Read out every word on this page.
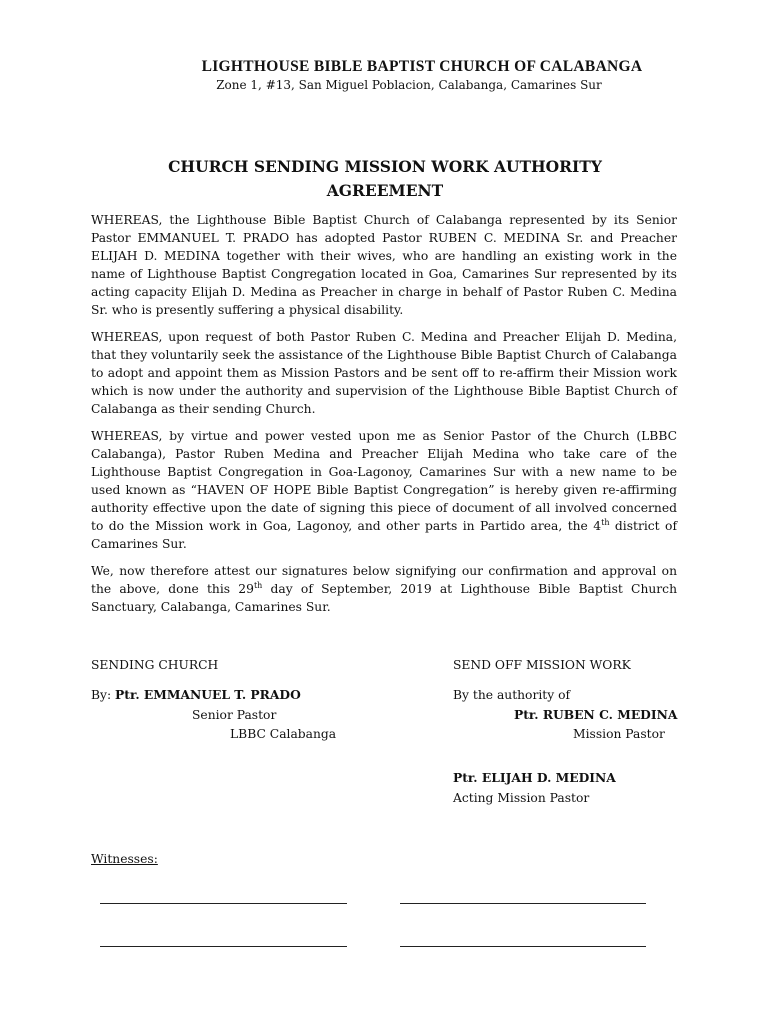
LIGHTHOUSE BIBLE BAPTIST CHURCH OF CALABANGA
Zone 1, #13, San Miguel Poblacion, Calabanga, Camarines Sur
CHURCH SENDING MISSION WORK AUTHORITY
AGREEMENT

WHEREAS, the Lighthouse Bible Baptist Church of Calabanga represented by its Senior Pastor EMMANUEL T. PRADO has adopted Pastor RUBEN C. MEDINA Sr. and Preacher ELIJAH D. MEDINA together with their wives, who are handling an existing work in the name of Lighthouse Baptist Congregation located in Goa, Camarines Sur represented by its acting capacity Elijah D. Medina as Preacher in charge in behalf of Pastor Ruben C. Medina Sr. who is presently suffering a physical disability.

WHEREAS, upon request of both Pastor Ruben C. Medina and Preacher Elijah D. Medina, that they voluntarily seek the assistance of the Lighthouse Bible Baptist Church of Calabanga to adopt and appoint them as Mission Pastors and be sent off to re-affirm their Mission work which is now under the authority and supervision of the Lighthouse Bible Baptist Church of Calabanga as their sending Church.

WHEREAS, by virtue and power vested upon me as Senior Pastor of the Church (LBBC Calabanga), Pastor Ruben Medina and Preacher Elijah Medina who take care of the Lighthouse Baptist Congregation in Goa-Lagonoy, Camarines Sur with a new name to be used known as “HAVEN OF HOPE Bible Baptist Congregation” is hereby given re-affirming authority effective upon the date of signing this piece of document of all involved concerned to do the Mission work in Goa, Lagonoy, and other parts in Partido area, the 4th district of Camarines Sur.

We, now therefore attest our signatures below signifying our confirmation and approval on the above, done this 29th day of September, 2019 at Lighthouse Bible Baptist Church Sanctuary, Calabanga, Camarines Sur.

SENDING CHURCH
By: Ptr. EMMANUEL T. PRADO
Senior Pastor
LBBC Calabanga
SEND OFF MISSION WORK
By the authority of
Ptr. RUBEN C. MEDINA
Mission Pastor
Ptr. ELIJAH D. MEDINA
Acting Mission Pastor
Witnesses:
